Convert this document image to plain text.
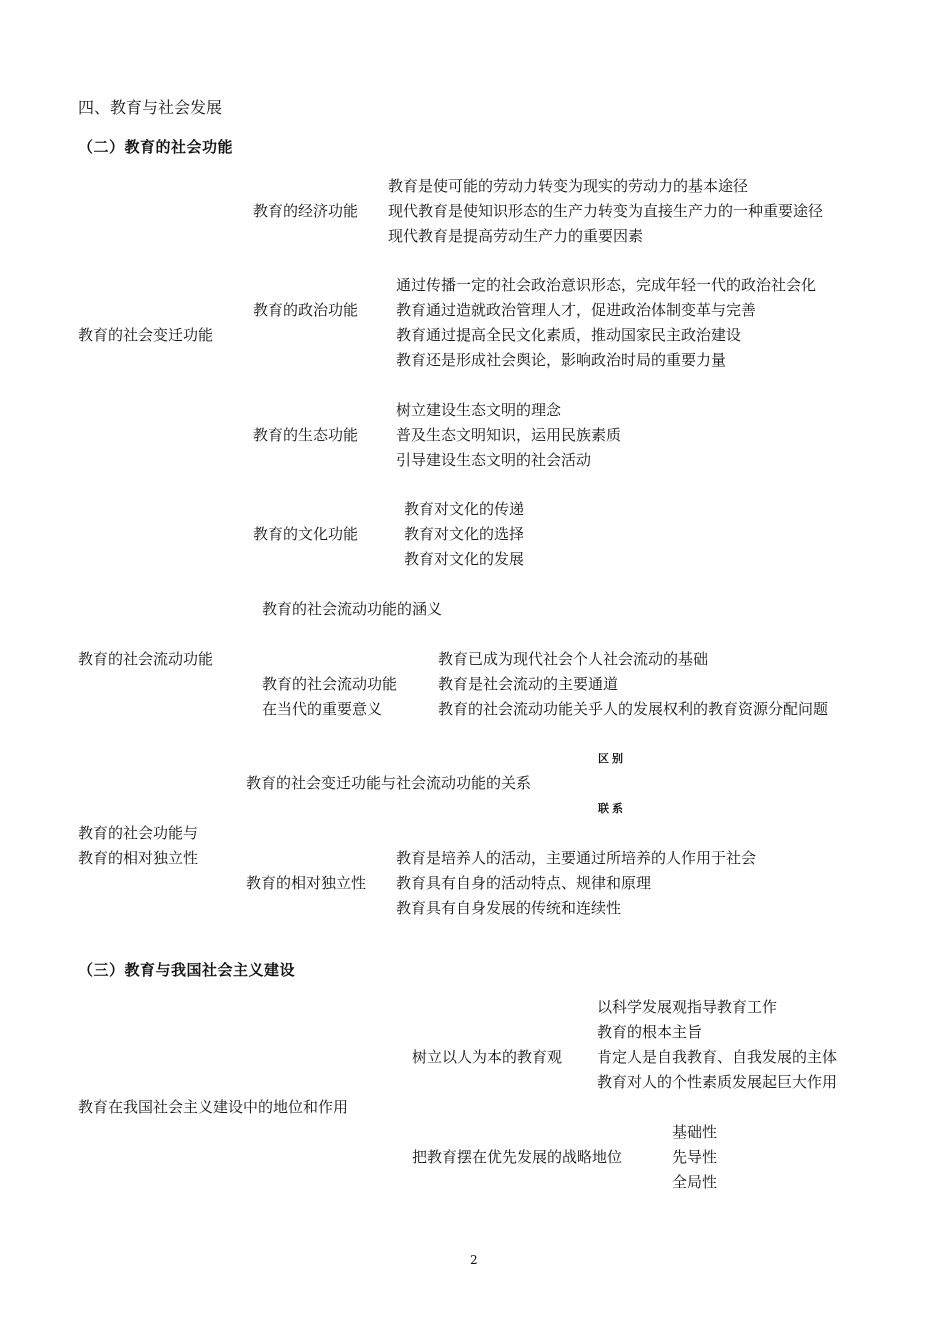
四、教育与社会发展
（二）教育的社会功能
教育的经济功能
教育是使可能的劳动力转变为现实的劳动力的基本途径
现代教育是使知识形态的生产力转变为直接生产力的一种重要途径
现代教育是提高劳动生产力的重要因素
教育的政治功能
通过传播一定的社会政治意识形态，完成年轻一代的政治社会化
教育通过造就政治管理人才，促进政治体制变革与完善
教育通过提高全民文化素质，推动国家民主政治建设
教育还是形成社会舆论，影响政治时局的重要力量
教育的社会变迁功能
教育的生态功能
树立建设生态文明的理念
普及生态文明知识，运用民族素质
引导建设生态文明的社会活动
教育的文化功能
教育对文化的传递
教育对文化的选择
教育对文化的发展
教育的社会流动功能的涵义
教育的社会流动功能
教育的社会流动功能
在当代的重要意义
教育已成为现代社会个人社会流动的基础
教育是社会流动的主要通道
教育的社会流动功能关乎人的发展权利的教育资源分配问题
区别
教育的社会变迁功能与社会流动功能的关系
联系
教育的社会功能与
教育的相对独立性
教育的相对独立性
教育是培养人的活动，主要通过所培养的人作用于社会
教育具有自身的活动特点、规律和原理
教育具有自身发展的传统和连续性
（三）教育与我国社会主义建设
以科学发展观指导教育工作
教育的根本主旨
树立以人为本的教育观 肯定人是自我教育、自我发展的主体
教育对人的个性素质发展起巨大作用
教育在我国社会主义建设中的地位和作用
基础性
把教育摆在优先发展的战略地位	先导性
全局性
2
